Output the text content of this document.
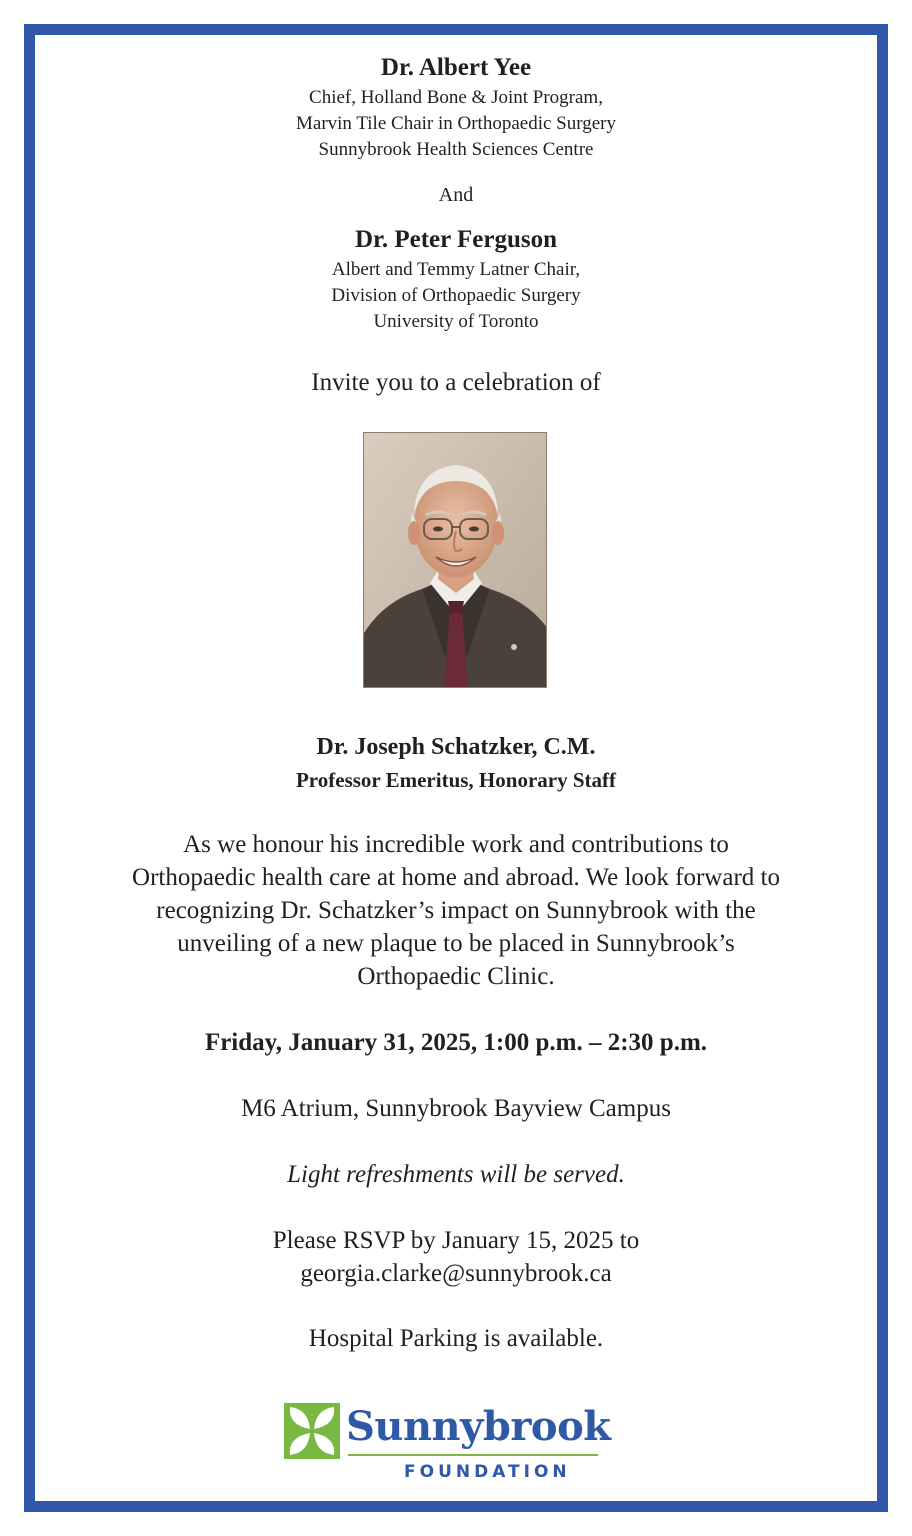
Dr. Albert Yee
Chief, Holland Bone & Joint Program,
Marvin Tile Chair in Orthopaedic Surgery
Sunnybrook Health Sciences Centre
And
Dr. Peter Ferguson
Albert and Temmy Latner Chair,
Division of Orthopaedic Surgery
University of Toronto
Invite you to a celebration of
Dr. Joseph Schatzker, C.M.
Professor Emeritus, Honorary Staff
As we honour his incredible work and contributions to
Orthopaedic health care at home and abroad. We look forward to
recognizing Dr. Schatzker’s impact on Sunnybrook with the
unveiling of a new plaque to be placed in Sunnybrook’s
Orthopaedic Clinic.
Friday, January 31, 2025, 1:00 p.m. – 2:30 p.m.
M6 Atrium, Sunnybrook Bayview Campus
Light refreshments will be served.
Please RSVP by January 15, 2025 to
georgia.clarke@sunnybrook.ca
Hospital Parking is available.
Sunnybrook
FOUNDATION
